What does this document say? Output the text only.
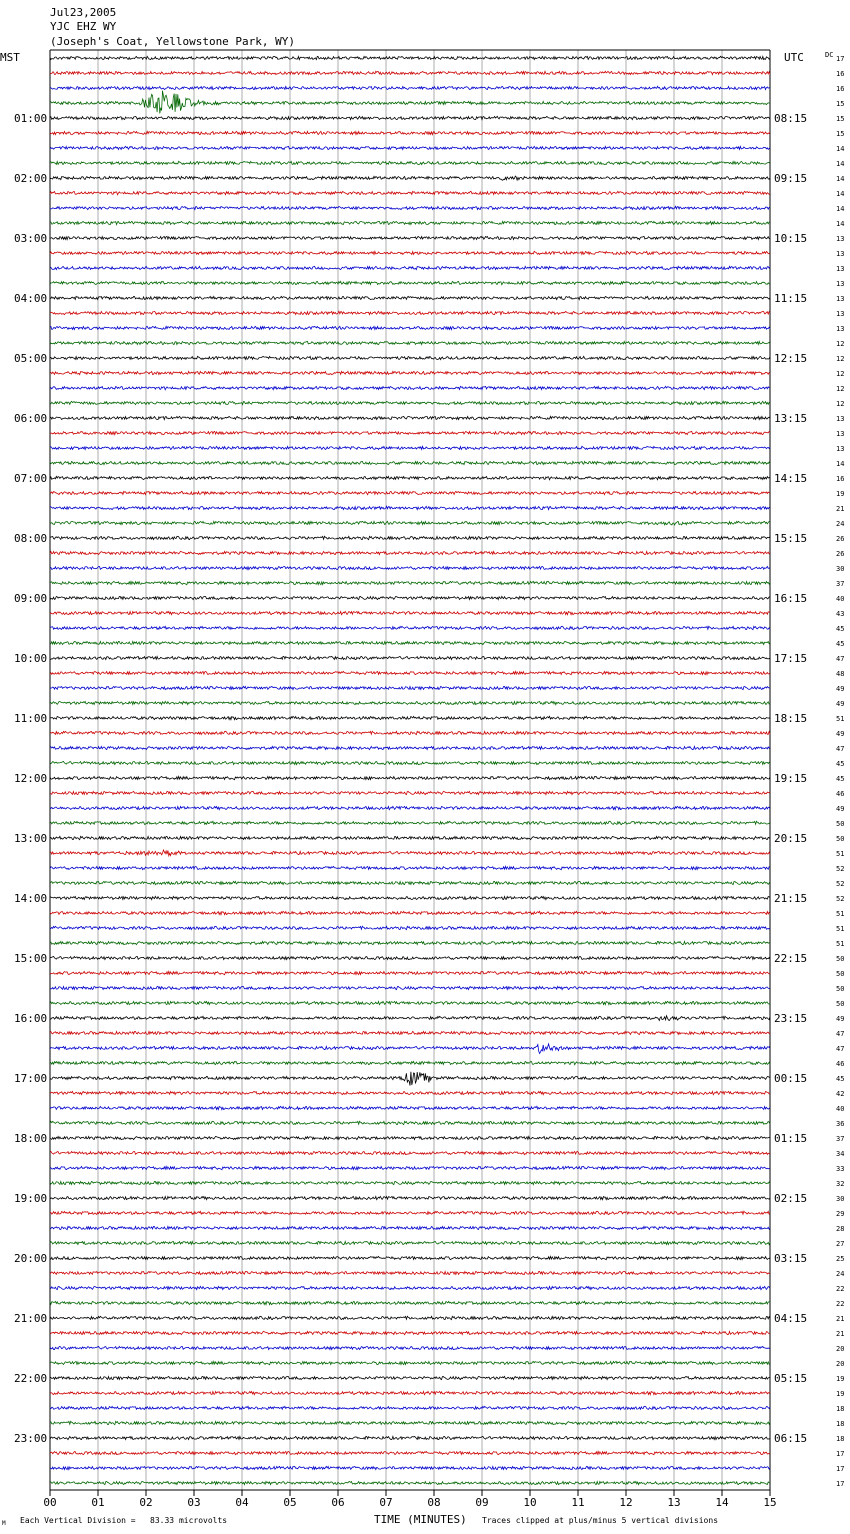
Jul23,2005
YJC EHZ WY
(Joseph's Coat, Yellowstone Park, WY)
MST	UTC	DC
01:00
02:00
03:00
04:00
05:00
06:00
07:00
08:00
09:00
10:00
11:00
12:00
13:00
14:00
15:00
16:00
17:00
18:00
19:00
20:00
21:00
22:00
23:00
08:15
09:15
10:15
11:15
12:15
13:15
14:15
15:15
16:15
17:15
18:15
19:15
20:15
21:15
22:15
23:15
00:15
01:15
02:15
03:15
04:15
05:15
06:15
17
16
16
15
15
15
14
14
14
14
14
14
13
13
13
13
13
13
13
12
12
12
12
12
13
13
13
14
16
19
21
24
26
26
30
37
40
43
45
45
47
48
49
49
51
49
47
45
45
46
49
50
50
51
52
52
52
51
51
51
50
50
50
50
49
47
47
46
45
42
40
36
37
34
33
32
30
29
28
27
25
24
22
22
21
21
20
20
19
19
18
18
18
17
17
17
00	01	02	03	04	05	06	07	08	09	10	11	12	13	14	15
M Each Vertical Division =   83.33 microvolts	TIME (MINUTES) Traces clipped at plus/minus 5 vertical divisions
